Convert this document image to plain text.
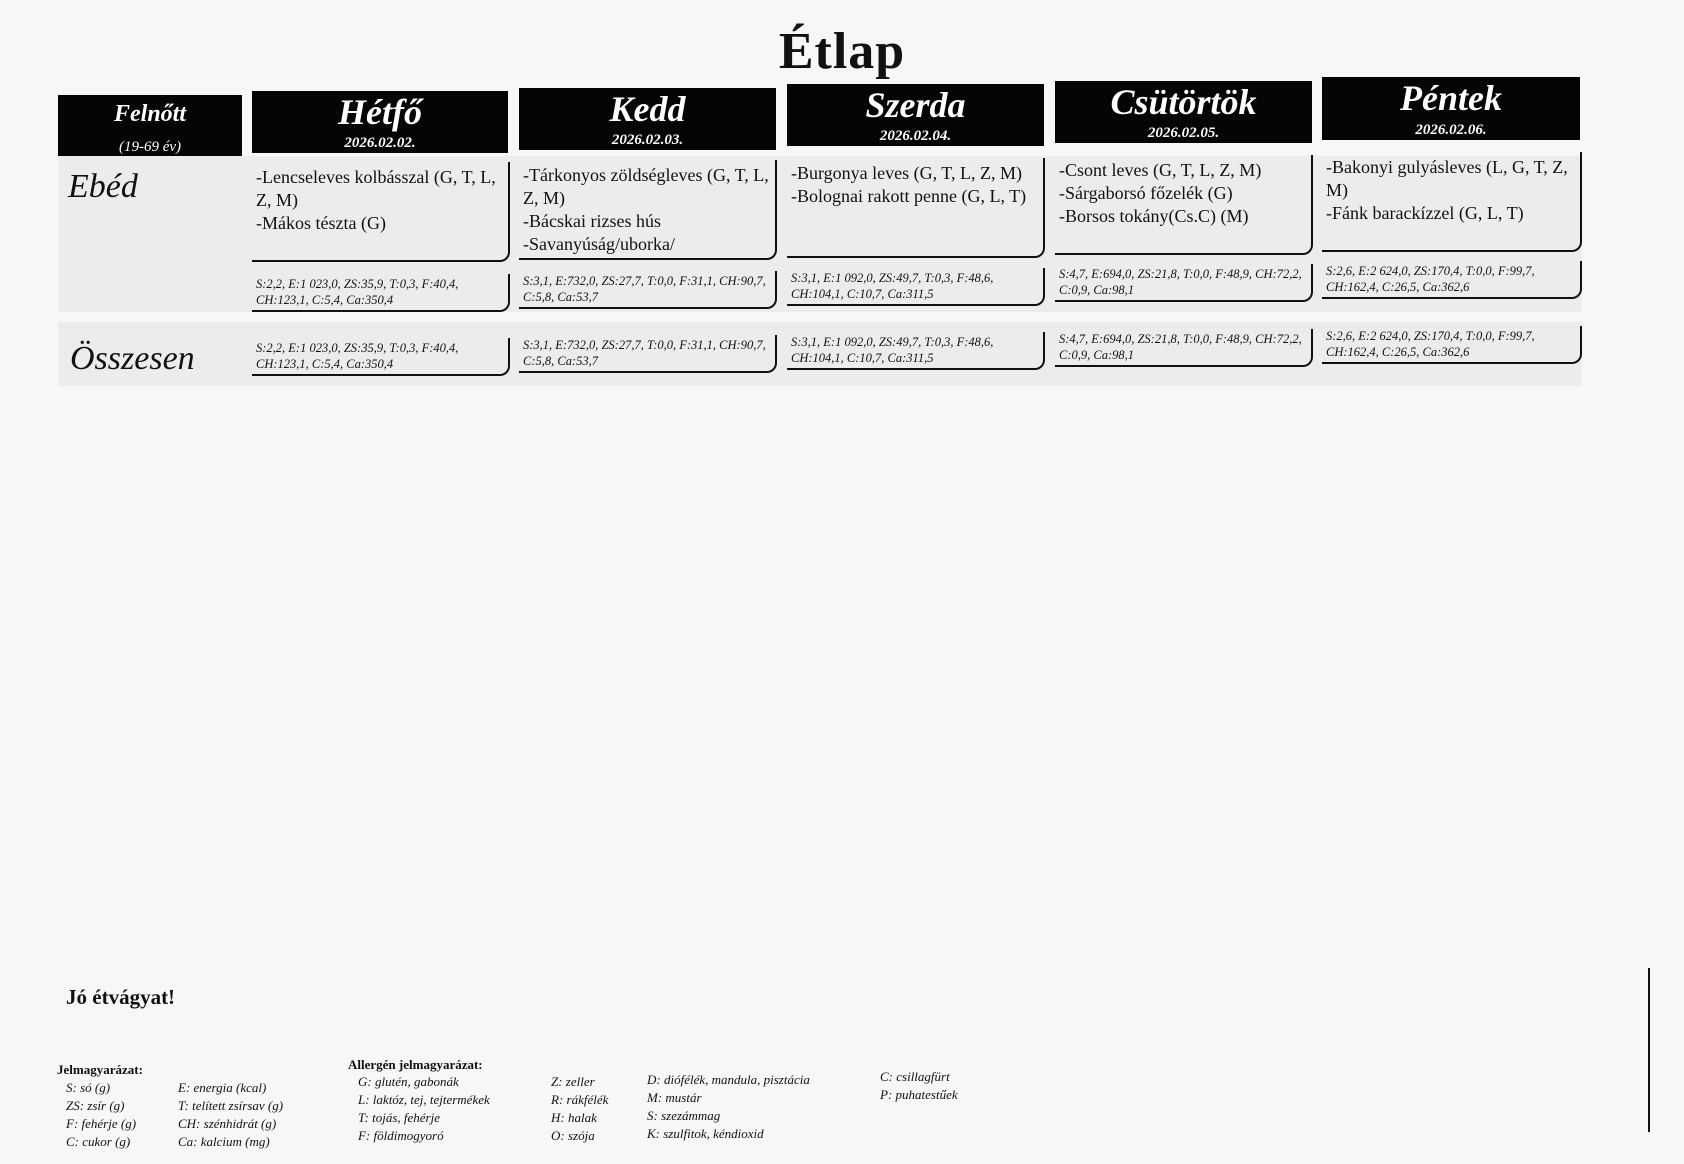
Étlap
Felnőtt
(19-69 év)
Hétfő
2026.02.02.
Kedd
2026.02.03.
Szerda
2026.02.04.
Csütörtök
2026.02.05.
Péntek
2026.02.06.
Ebéd	-Lencseleves kolbásszal (G, T, L, Z, M)
-Mákos tészta (G)
-Tárkonyos zöldségleves (G, T, L, Z, M)
-Bácskai rizses hús
-Savanyúság/uborka/
-Burgonya leves (G, T, L, Z, M)
-Bolognai rakott penne (G, L, T)
-Csont leves (G, T, L, Z, M)
-Sárgaborsó főzelék (G)
-Borsos tokány(Cs.C) (M)
-Bakonyi gulyásleves (L, G, T, Z, M)
-Fánk barackízzel (G, L, T)
S:2,2, E:1 023,0, ZS:35,9, T:0,3, F:40,4, CH:123,1, C:5,4, Ca:350,4
S:3,1, E:732,0, ZS:27,7, T:0,0, F:31,1, CH:90,7, C:5,8, Ca:53,7
S:3,1, E:1 092,0, ZS:49,7, T:0,3, F:48,6, CH:104,1, C:10,7, Ca:311,5
S:4,7, E:694,0, ZS:21,8, T:0,0, F:48,9, CH:72,2, C:0,9, Ca:98,1
S:2,6, E:2 624,0, ZS:170,4, T:0,0, F:99,7, CH:162,4, C:26,5, Ca:362,6
Összesen	S:2,2, E:1 023,0, ZS:35,9, T:0,3, F:40,4, CH:123,1, C:5,4, Ca:350,4
S:3,1, E:732,0, ZS:27,7, T:0,0, F:31,1, CH:90,7, C:5,8, Ca:53,7
S:3,1, E:1 092,0, ZS:49,7, T:0,3, F:48,6, CH:104,1, C:10,7, Ca:311,5
S:4,7, E:694,0, ZS:21,8, T:0,0, F:48,9, CH:72,2, C:0,9, Ca:98,1
S:2,6, E:2 624,0, ZS:170,4, T:0,0, F:99,7, CH:162,4, C:26,5, Ca:362,6
Jó étvágyat!
Jelmagyarázat:
S: só (g)
ZS: zsír (g)
F: fehérje (g)
C: cukor (g)
E: energia (kcal)
T: telített zsírsav (g)
CH: szénhidrát (g)
Ca: kalcium (mg)
Allergén jelmagyarázat:
G: glutén, gabonák
L: laktóz, tej, tejtermékek
T: tojás, fehérje
F: földimogyoró
Z: zeller
R: rákfélék
H: halak
O: szója
D: diófélék, mandula, pisztácia
M: mustár
S: szezámmag
K: szulfitok, kéndioxid
C: csillagfürt
P: puhatestűek
